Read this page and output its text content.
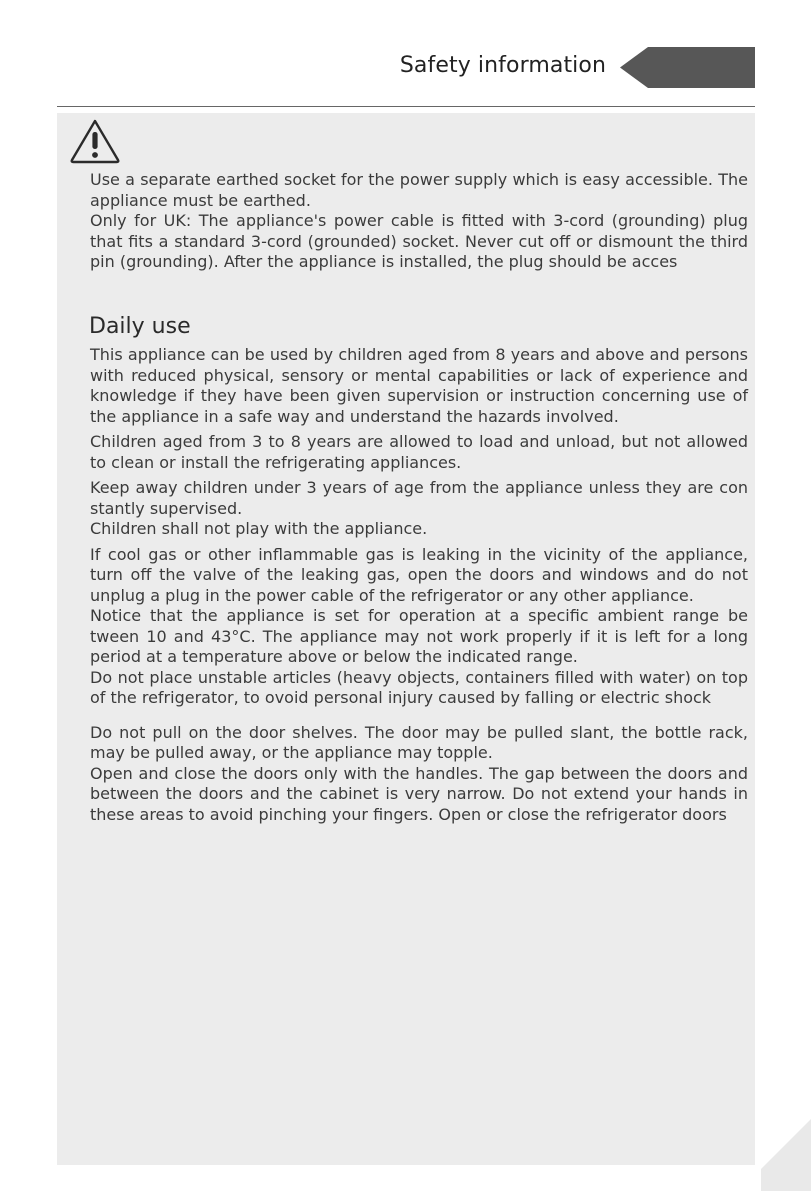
Safety information

Use a separate earthed socket for the power supply which is easy accessible. The appliance must be earthed.

Only for UK: The appliance's power cable is fitted with 3-cord (grounding) plug that fits a standard 3-cord (grounded) socket. Never cut off or dismount the third pin (grounding). After the appliance is installed, the plug should be acces

Daily use

This appliance can be used by children aged from 8 years and above and persons with reduced physical, sensory or mental capabilities or lack of experience and knowledge if they have been given supervision or instruction concerning use of the appliance in a safe way and understand the hazards involved.

Children aged from 3 to 8 years are allowed to load and unload, but not allowed to clean or install the refrigerating appliances.

Keep away children under 3 years of age from the appliance unless they are con stantly supervised.

Children shall not play with the appliance.

If cool gas or other inflammable gas is leaking in the vicinity of the appliance, turn off the valve of the leaking gas, open the doors and windows and do not unplug a plug in the power cable of the refrigerator or any other appliance.

Notice that the appliance is set for operation at a specific ambient range be tween 10 and 43°C. The appliance may not work properly if it is left for a long period at a temperature above or below the indicated range.

Do not place unstable articles (heavy objects, containers filled with water) on top of the refrigerator, to ovoid personal injury caused by falling or electric shock

Do not pull on the door shelves. The door may be pulled slant, the bottle rack, may be pulled away, or the appliance may topple.

Open and close the doors only with the handles. The gap between the doors and between the doors and the cabinet is very narrow. Do not extend your hands in these areas to avoid pinching your fingers. Open or close the refrigerator doors
